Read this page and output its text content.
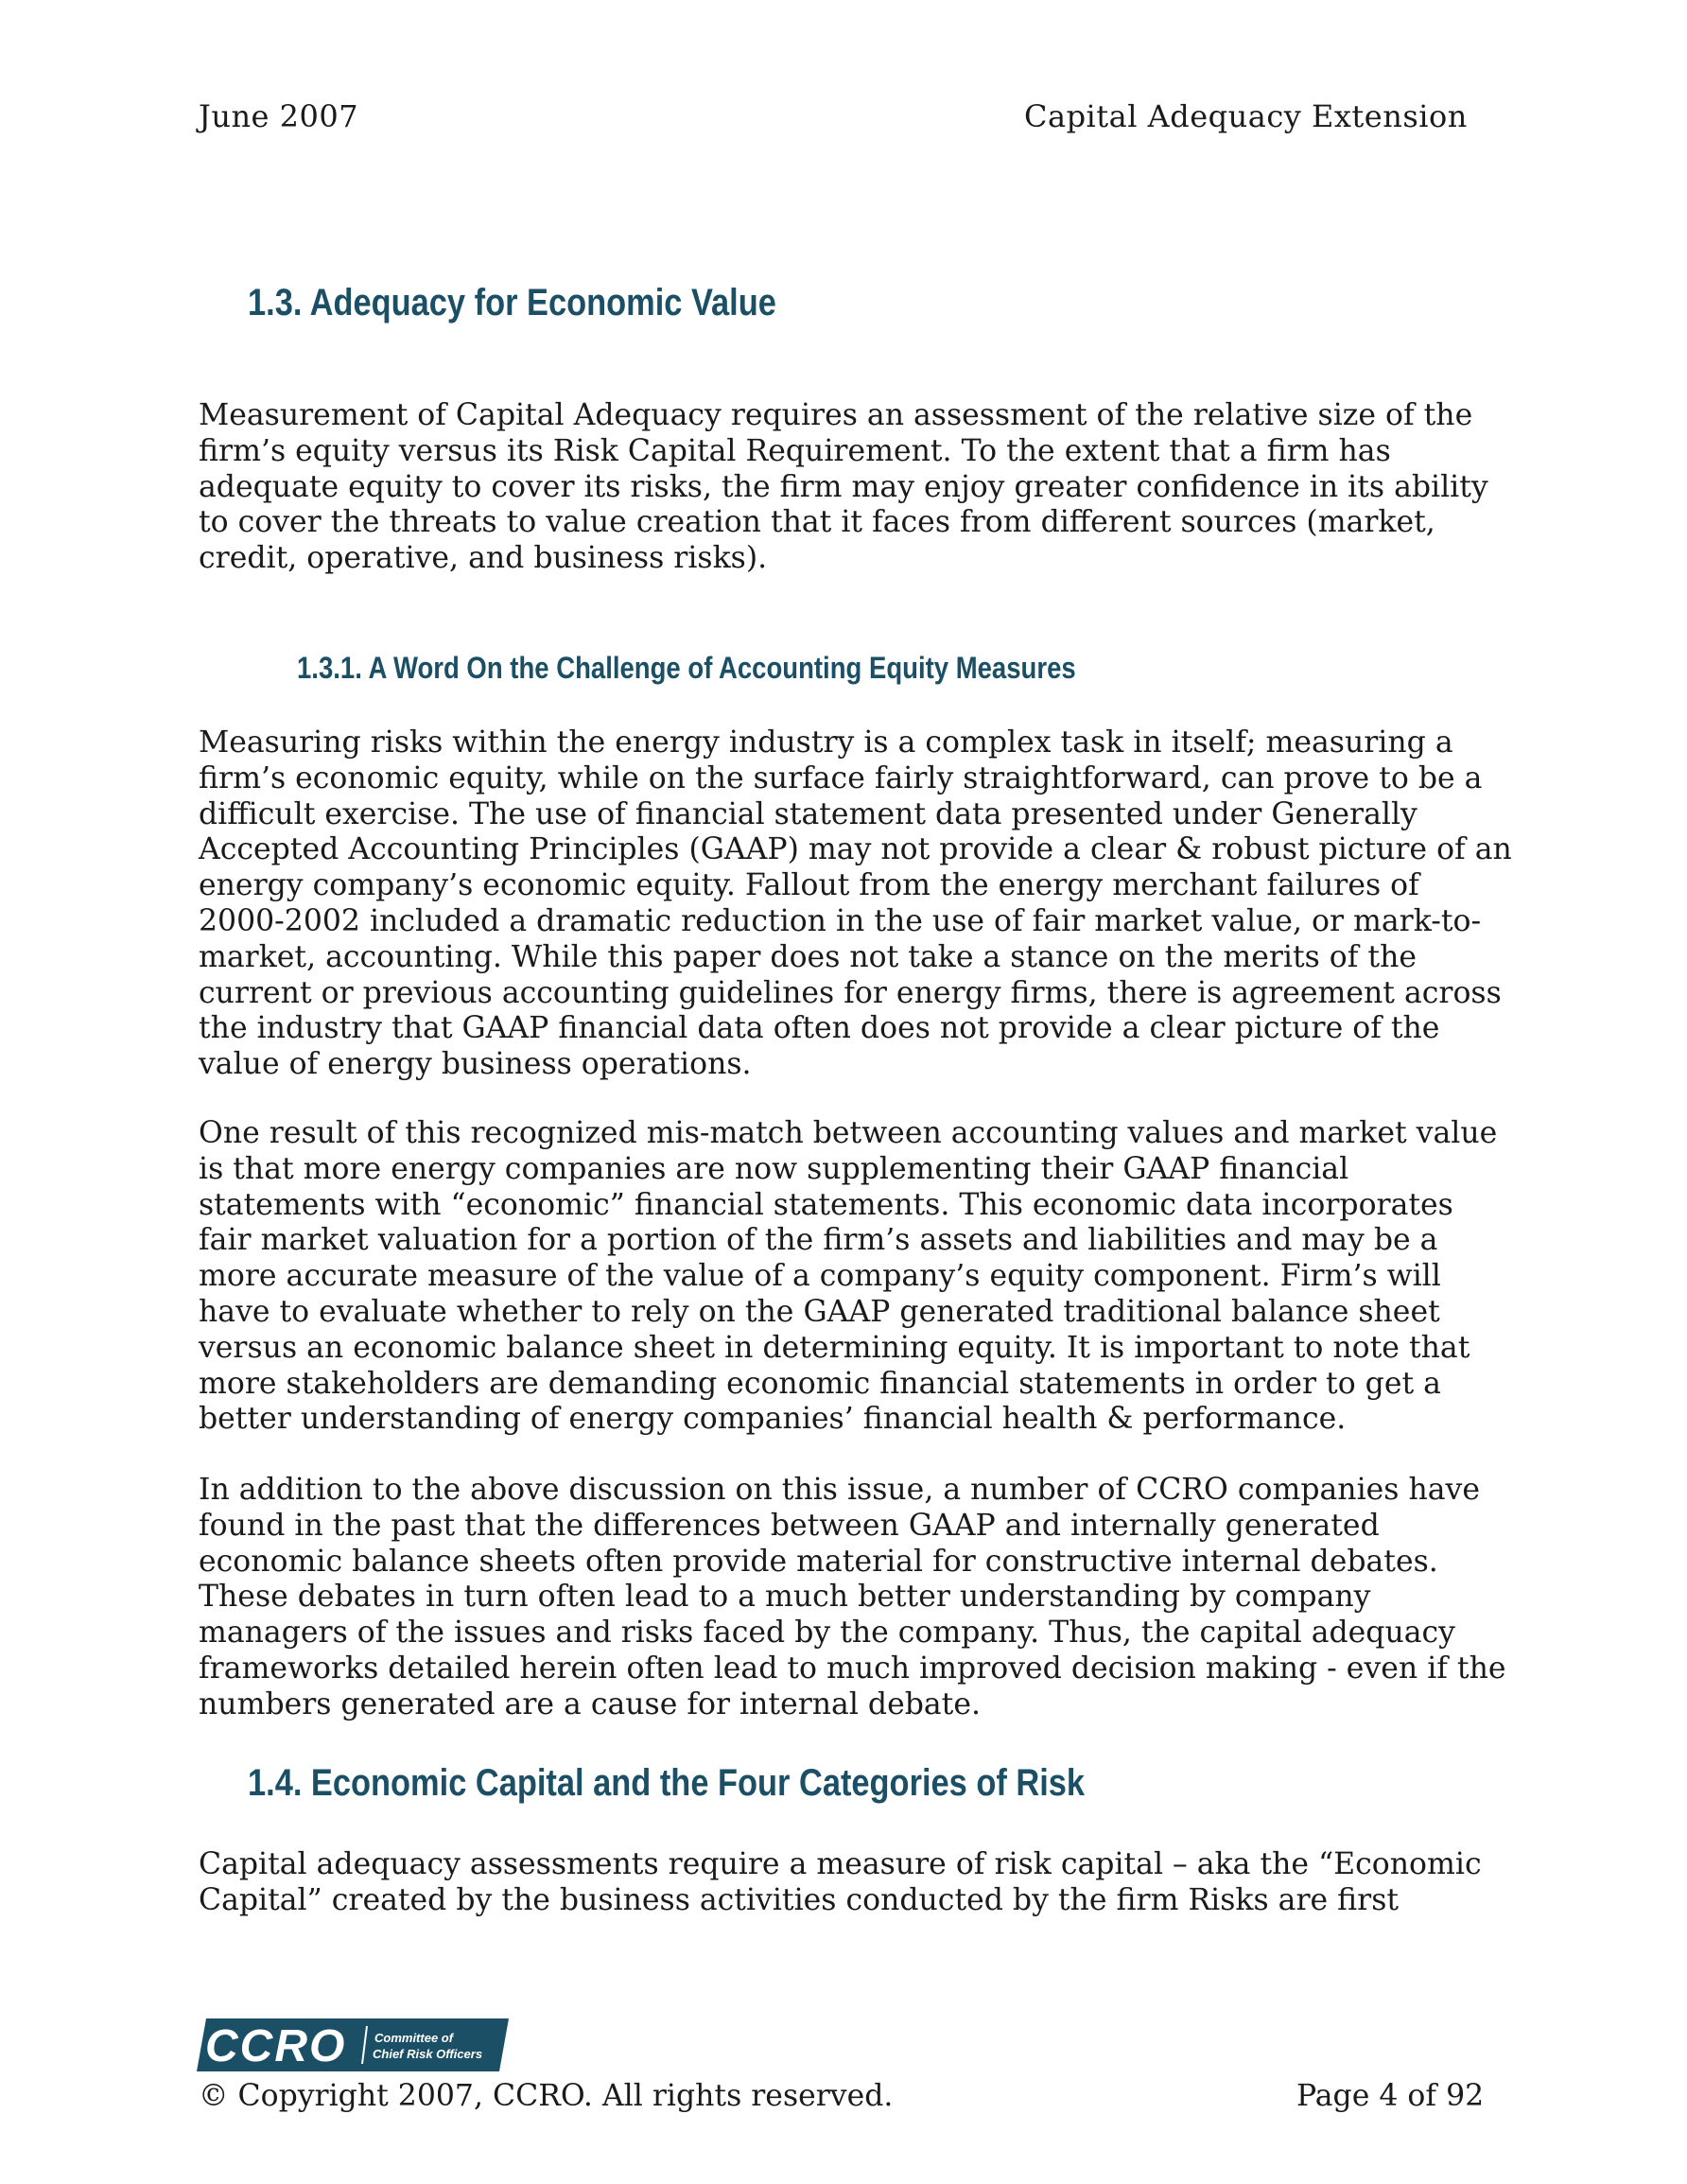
June 2007	Capital Adequacy Extension
1.3. Adequacy for Economic Value
Measurement of Capital Adequacy requires an assessment of the relative size of the
firm’s equity versus its Risk Capital Requirement. To the extent that a firm has
adequate equity to cover its risks, the firm may enjoy greater confidence in its ability
to cover the threats to value creation that it faces from different sources (market,
credit, operative, and business risks).
1.3.1. A Word On the Challenge of Accounting Equity Measures
Measuring risks within the energy industry is a complex task in itself; measuring a
firm’s economic equity, while on the surface fairly straightforward, can prove to be a
difficult exercise. The use of financial statement data presented under Generally
Accepted Accounting Principles (GAAP) may not provide a clear & robust picture of an
energy company’s economic equity. Fallout from the energy merchant failures of
2000-2002 included a dramatic reduction in the use of fair market value, or mark-to-
market, accounting. While this paper does not take a stance on the merits of the
current or previous accounting guidelines for energy firms, there is agreement across
the industry that GAAP financial data often does not provide a clear picture of the
value of energy business operations.
One result of this recognized mis-match between accounting values and market value
is that more energy companies are now supplementing their GAAP financial
statements with “economic” financial statements. This economic data incorporates
fair market valuation for a portion of the firm’s assets and liabilities and may be a
more accurate measure of the value of a company’s equity component. Firm’s will
have to evaluate whether to rely on the GAAP generated traditional balance sheet
versus an economic balance sheet in determining equity. It is important to note that
more stakeholders are demanding economic financial statements in order to get a
better understanding of energy companies’ financial health & performance.
In addition to the above discussion on this issue, a number of CCRO companies have
found in the past that the differences between GAAP and internally generated
economic balance sheets often provide material for constructive internal debates.
These debates in turn often lead to a much better understanding by company
managers of the issues and risks faced by the company. Thus, the capital adequacy
frameworks detailed herein often lead to much improved decision making - even if the
numbers generated are a cause for internal debate.
1.4. Economic Capital and the Four Categories of Risk
Capital adequacy assessments require a measure of risk capital – aka the “Economic
Capital” created by the business activities conducted by the firm Risks are first
CCRO Committee of
Chief Risk Officers
© Copyright 2007, CCRO. All rights reserved.	Page 4 of 92
